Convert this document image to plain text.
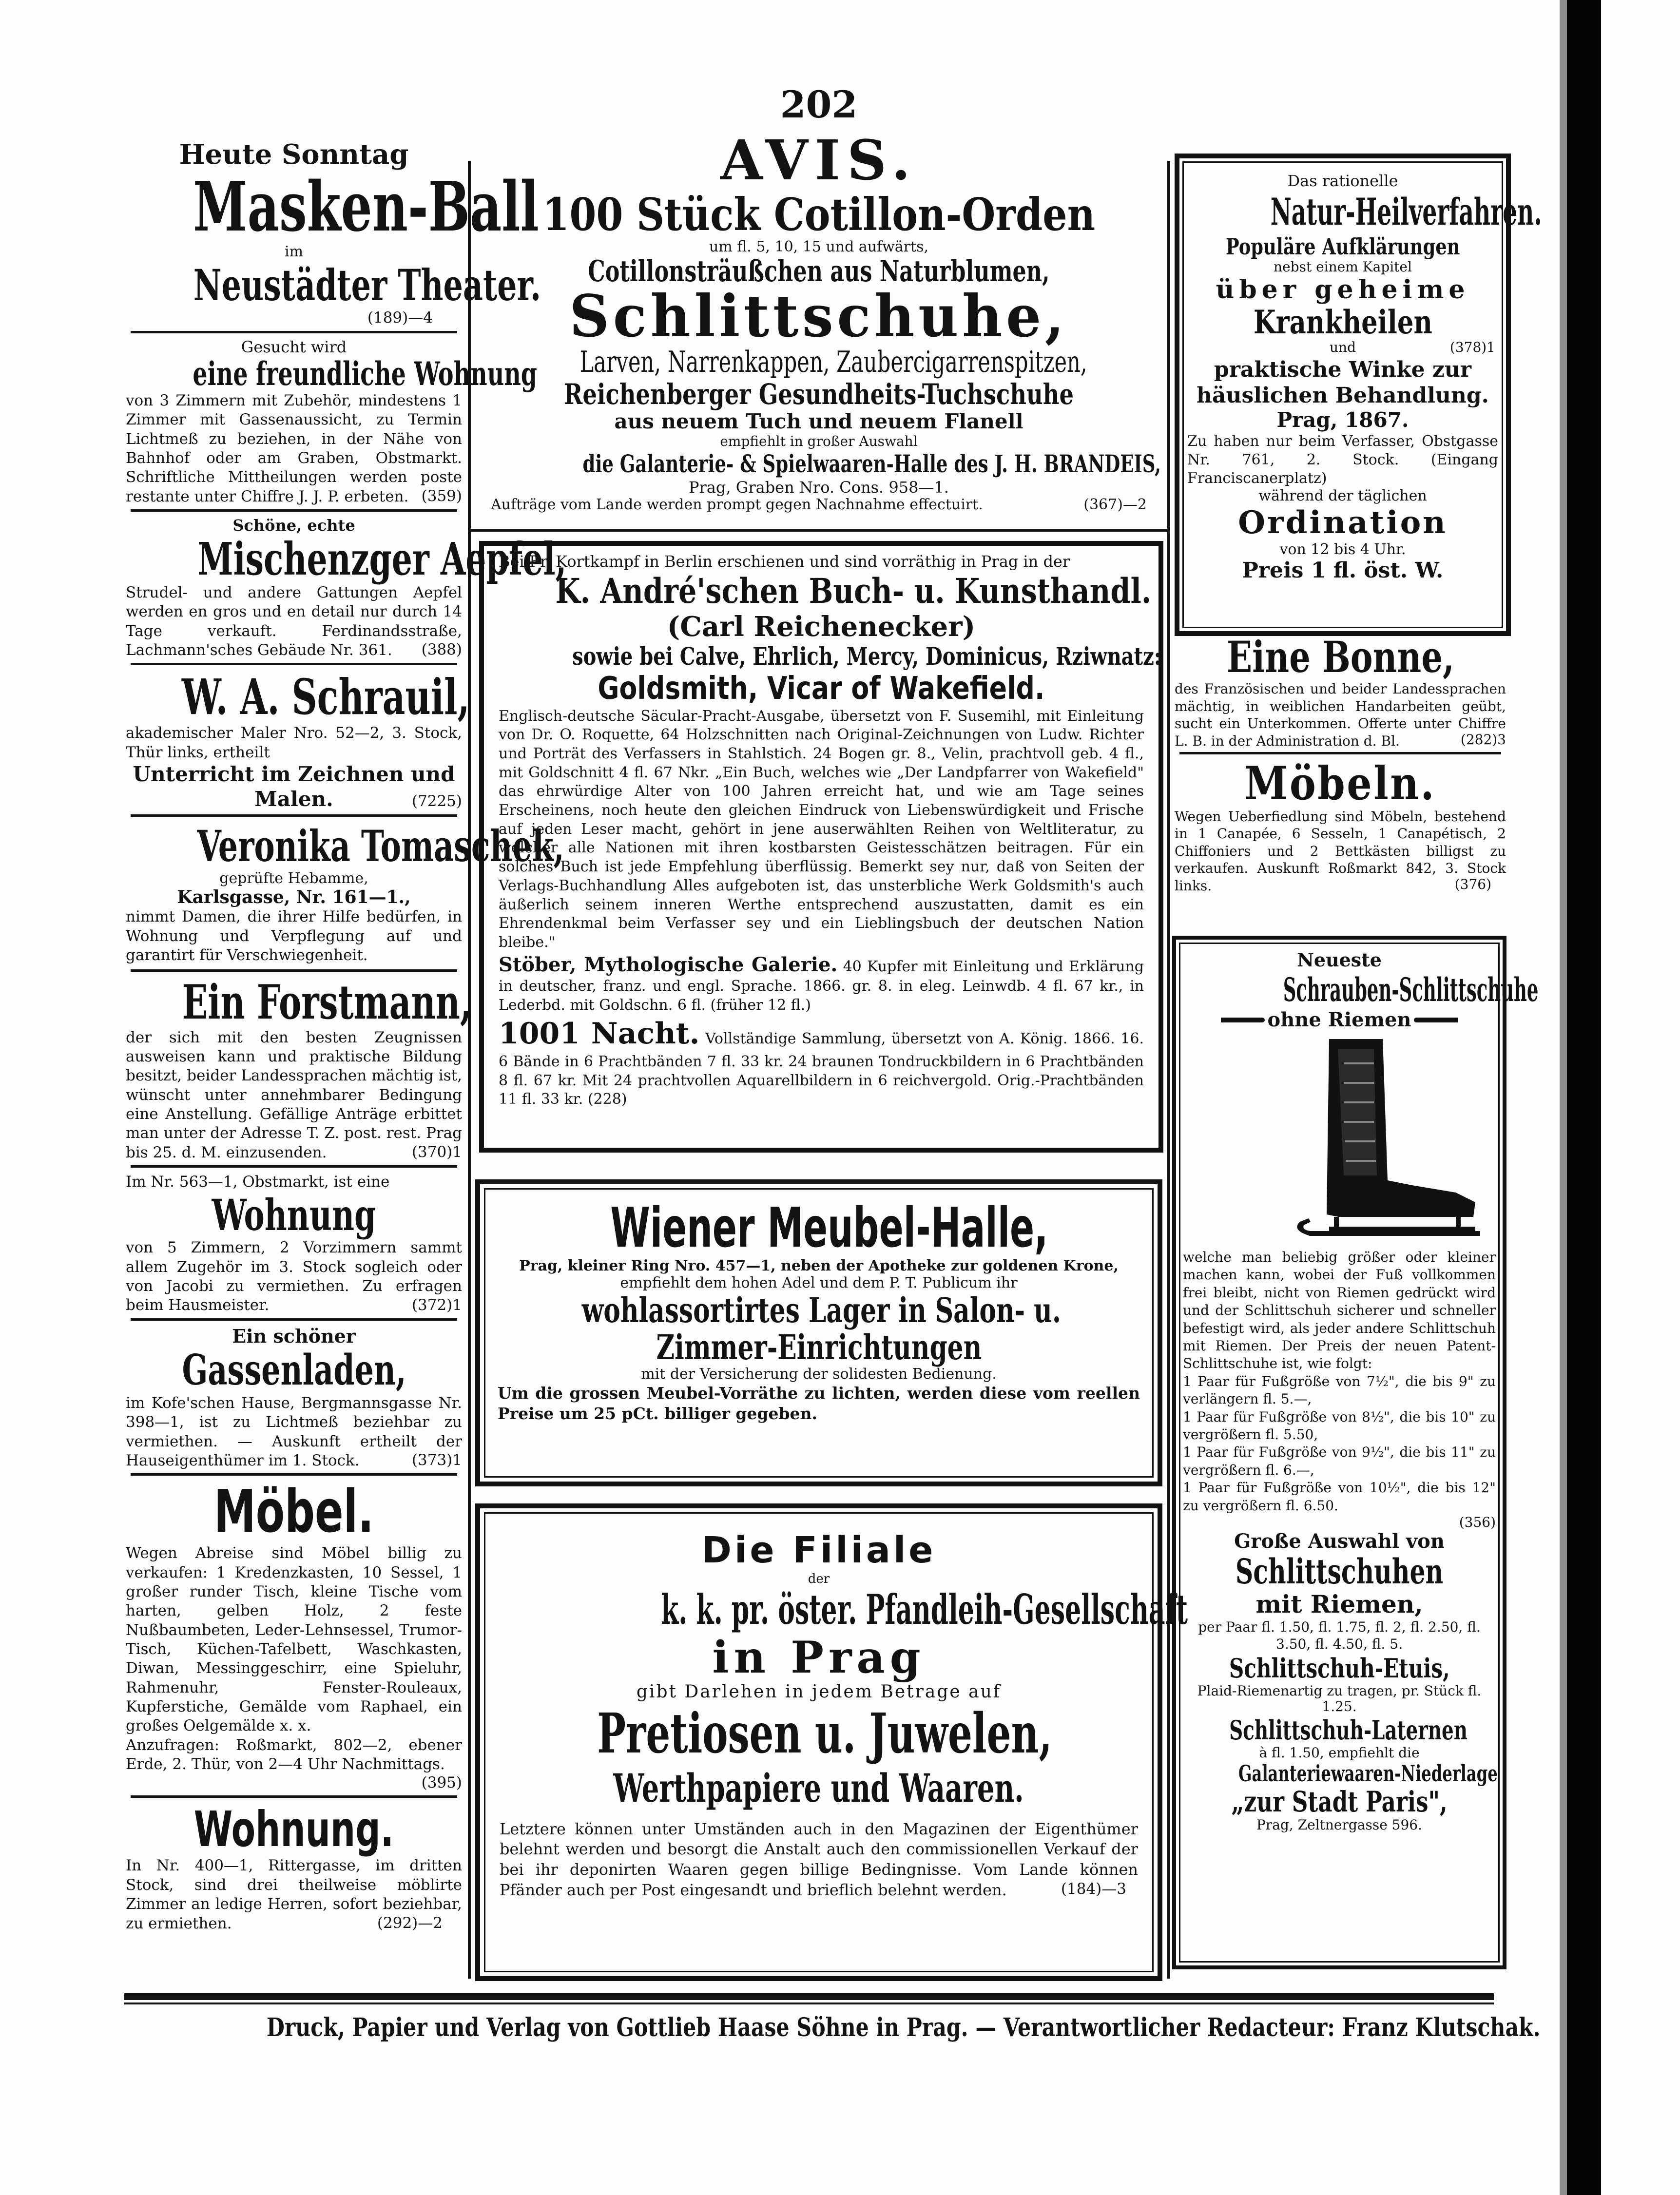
202
Heute Sonntag
Masken-Ball
im
Neustädter Theater.
(189)—4
Gesucht wird
eine freundliche Wohnung
von 3 Zimmern mit Zubehör, mindestens 1 Zimmer mit Gassenaussicht, zu Termin Lichtmeß zu beziehen, in der Nähe von Bahnhof oder am Graben, Obstmarkt. Schriftliche Mittheilungen werden poste restante unter Chiffre J. J. P. erbeten. (359)
Schöne, echte
Mischenzger Aepfel,
Strudel- und andere Gattungen Aepfel werden en gros und en detail nur durch 14 Tage verkauft. Ferdinandsstraße, Lachmann'sches Gebäude Nr. 361.	(388)
W. A. Schrauil,
akademischer Maler Nro. 52—2, 3. Stock, Thür links, ertheilt
Unterricht im Zeichnen und Malen.	(7225)
Veronika Tomaschek,
geprüfte Hebamme,
Karlsgasse, Nr. 161—1.,
nimmt Damen, die ihrer Hilfe bedürfen, in Wohnung und Verpflegung auf und garantirt für Verschwiegenheit.
Ein Forstmann,
der sich mit den besten Zeugnissen ausweisen kann und praktische Bildung besitzt, beider Landessprachen mächtig ist, wünscht unter annehmbarer Bedingung eine Anstellung. Gefällige Anträge erbittet man unter der Adresse T. Z. post. rest. Prag bis 25. d. M. einzusenden.	(370)1
Im Nr. 563—1, Obstmarkt, ist eine
Wohnung
von 5 Zimmern, 2 Vorzimmern sammt allem Zugehör im 3. Stock sogleich oder von Jacobi zu vermiethen. Zu erfragen beim Hausmeister.	(372)1
Ein schöner
Gassenladen,
im Kofe'schen Hause, Bergmannsgasse Nr. 398—1, ist zu Lichtmeß beziehbar zu vermiethen. — Auskunft ertheilt der Hauseigenthümer im 1. Stock.	(373)1
Möbel.
Wegen Abreise sind Möbel billig zu verkaufen: 1 Kredenzkasten, 10 Sessel, 1 großer runder Tisch, kleine Tische vom harten, gelben Holz, 2 feste Nußbaumbeten, Leder-Lehnsessel, Trumor-Tisch, Küchen-Tafelbett, Waschkasten, Diwan, Messinggeschirr, eine Spieluhr, Rahmenuhr, Fenster-Rouleaux, Kupferstiche, Gemälde vom Raphael, ein großes Oelgemälde x. x.
Anzufragen: Roßmarkt, 802—2, ebener Erde, 2. Thür, von 2—4 Uhr Nachmittags.
(395)
Wohnung.
In Nr. 400—1, Rittergasse, im dritten Stock, sind drei theilweise möblirte Zimmer an ledige Herren, sofort beziehbar, zu ermiethen.	(292)—2
AVIS.
100 Stück Cotillon-Orden
um fl. 5, 10, 15 und aufwärts,
Cotillonsträußchen aus Naturblumen,
Schlittschuhe,
Larven, Narrenkappen, Zaubercigarrenspitzen,
Reichenberger Gesundheits-Tuchschuhe
aus neuem Tuch und neuem Flanell
empfiehlt in großer Auswahl
die Galanterie- & Spielwaaren-Halle des J. H. BRANDEIS,
Prag, Graben Nro. Cons. 958—1.
Aufträge vom Lande werden prompt gegen Nachnahme effectuirt.	(367)—2
Bei Fr. Kortkampf in Berlin erschienen und sind vorräthig in Prag in der
K. André'schen Buch- u. Kunsthandl.
(Carl Reichenecker)
sowie bei Calve, Ehrlich, Mercy, Dominicus, Rziwnatz:
Goldsmith, Vicar of Wakefield.
Englisch-deutsche Säcular-Pracht-Ausgabe, übersetzt von F. Susemihl, mit Einleitung von Dr. O. Roquette, 64 Holzschnitten nach Original-Zeichnungen von Ludw. Richter und Porträt des Verfassers in Stahlstich. 24 Bogen gr. 8., Velin, prachtvoll geb. 4 fl., mit Goldschnitt 4 fl. 67 Nkr. „Ein Buch, welches wie „Der Landpfarrer von Wakefield" das ehrwürdige Alter von 100 Jahren erreicht hat, und wie am Tage seines Erscheinens, noch heute den gleichen Eindruck von Liebenswürdigkeit und Frische auf jeden Leser macht, gehört in jene auserwählten Reihen von Weltliteratur, zu welcher alle Nationen mit ihren kostbarsten Geistesschätzen beitragen. Für ein solches Buch ist jede Empfehlung überflüssig. Bemerkt sey nur, daß von Seiten der Verlags-Buchhandlung Alles aufgeboten ist, das unsterbliche Werk Goldsmith's auch äußerlich seinem inneren Werthe entsprechend auszustatten, damit es ein Ehrendenkmal beim Verfasser sey und ein Lieblingsbuch der deutschen Nation bleibe."
Stöber, Mythologische Galerie. 40 Kupfer mit Einleitung und Erklärung in deutscher, franz. und engl. Sprache. 1866. gr. 8. in eleg. Leinwdb. 4 fl. 67 kr., in Lederbd. mit Goldschn. 6 fl. (früher 12 fl.)
1001 Nacht. Vollständige Sammlung, übersetzt von A. König. 1866. 16. 6 Bände in 6 Prachtbänden 7 fl. 33 kr. 24 braunen Tondruckbildern in 6 Prachtbänden 8 fl. 67 kr. Mit 24 prachtvollen Aquarellbildern in 6 reichvergold. Orig.-Prachtbänden 11 fl. 33 kr. (228)
Wiener Meubel-Halle,
Prag, kleiner Ring Nro. 457—1, neben der Apotheke zur goldenen Krone,
empfiehlt dem hohen Adel und dem P. T. Publicum ihr
wohlassortirtes Lager in Salon- u.
Zimmer-Einrichtungen
mit der Versicherung der solidesten Bedienung.
Um die grossen Meubel-Vorräthe zu lichten, werden diese vom reellen Preise um 25 pCt. billiger gegeben.
Die Filiale
der
k. k. pr. öster. Pfandleih-Gesellschaft
in Prag
gibt Darlehen in jedem Betrage auf
Pretiosen u. Juwelen,
Werthpapiere und Waaren.
Letztere können unter Umständen auch in den Magazinen der Eigenthümer belehnt werden und besorgt die Anstalt auch den commissionellen Verkauf der bei ihr deponirten Waaren gegen billige Bedingnisse. Vom Lande können Pfänder auch per Post eingesandt und brieflich belehnt werden.	(184)—3
Das rationelle
Natur-Heilverfahren.
Populäre Aufklärungen
nebst einem Kapitel
über geheime
Krankheilen
und	(378)1
praktische Winke zur häuslichen Behandlung.
Prag, 1867.
Zu haben nur beim Verfasser, Obstgasse Nr. 761, 2. Stock. (Eingang Franciscanerplatz)
während der täglichen
Ordination
von 12 bis 4 Uhr.
Preis 1 fl. öst. W.
Eine Bonne,
des Französischen und beider Landessprachen mächtig, in weiblichen Handarbeiten geübt, sucht ein Unterkommen. Offerte unter Chiffre L. B. in der Administration d. Bl.	(282)3
Möbeln.
Wegen Ueberfiedlung sind Möbeln, bestehend in 1 Canapée, 6 Sesseln, 1 Canapétisch, 2 Chiffoniers und 2 Bettkästen billigst zu verkaufen. Auskunft Roßmarkt 842, 3. Stock links.	(376)
Neueste
Schrauben-Schlittschuhe
ohne Riemen
welche man beliebig größer oder kleiner machen kann, wobei der Fuß vollkommen frei bleibt, nicht von Riemen gedrückt wird und der Schlittschuh sicherer und schneller befestigt wird, als jeder andere Schlittschuh mit Riemen. Der Preis der neuen Patent-Schlittschuhe ist, wie folgt:
1 Paar für Fußgröße von 7½", die bis 9" zu verlängern fl. 5.—,
1 Paar für Fußgröße von 8½", die bis 10" zu vergrößern fl. 5.50,
1 Paar für Fußgröße von 9½", die bis 11" zu vergrößern fl. 6.—,
1 Paar für Fußgröße von 10½", die bis 12" zu vergrößern fl. 6.50.
(356)
Große Auswahl von
Schlittschuhen
mit Riemen,
per Paar fl. 1.50, fl. 1.75, fl. 2, fl. 2.50, fl. 3.50, fl. 4.50, fl. 5.
Schlittschuh-Etuis,
Plaid-Riemenartig zu tragen, pr. Stück fl. 1.25.
Schlittschuh-Laternen
à fl. 1.50, empfiehlt die
Galanteriewaaren-Niederlage
„zur Stadt Paris",
Prag, Zeltnergasse 596.
Druck, Papier und Verlag von Gottlieb Haase Söhne in Prag. — Verantwortlicher Redacteur: Franz Klutschak.
